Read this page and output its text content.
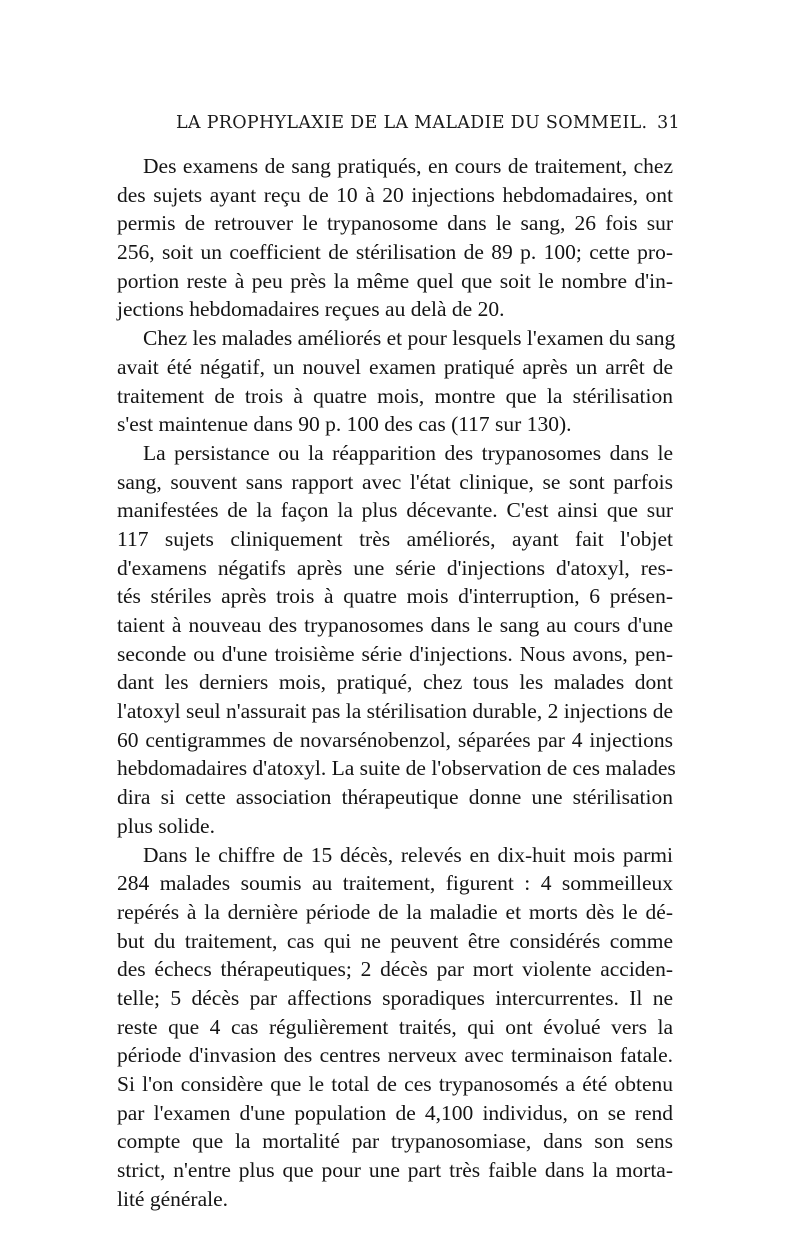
LA PROPHYLAXIE DE LA MALADIE DU SOMMEIL. 31
Des examens de sang pratiqués, en cours de traitement, chez
des sujets ayant reçu de 10 à 20 injections hebdomadaires, ont
permis de retrouver le trypanosome dans le sang, 26 fois sur
256, soit un coefficient de stérilisation de 89 p. 100; cette pro-
portion reste à peu près la même quel que soit le nombre d'in-
jections hebdomadaires reçues au delà de 20.
Chez les malades améliorés et pour lesquels l'examen du sang
avait été négatif, un nouvel examen pratiqué après un arrêt de
traitement de trois à quatre mois, montre que la stérilisation
s'est maintenue dans 90 p. 100 des cas (117 sur 130).
La persistance ou la réapparition des trypanosomes dans le
sang, souvent sans rapport avec l'état clinique, se sont parfois
manifestées de la façon la plus décevante. C'est ainsi que sur
117 sujets cliniquement très améliorés, ayant fait l'objet
d'examens négatifs après une série d'injections d'atoxyl, res-
tés stériles après trois à quatre mois d'interruption, 6 présen-
taient à nouveau des trypanosomes dans le sang au cours d'une
seconde ou d'une troisième série d'injections. Nous avons, pen-
dant les derniers mois, pratiqué, chez tous les malades dont
l'atoxyl seul n'assurait pas la stérilisation durable, 2 injections de
60 centigrammes de novarsénobenzol, séparées par 4 injections
hebdomadaires d'atoxyl. La suite de l'observation de ces malades
dira si cette association thérapeutique donne une stérilisation
plus solide.
Dans le chiffre de 15 décès, relevés en dix-huit mois parmi
284 malades soumis au traitement, figurent : 4 sommeilleux
repérés à la dernière période de la maladie et morts dès le dé-
but du traitement, cas qui ne peuvent être considérés comme
des échecs thérapeutiques; 2 décès par mort violente acciden-
telle; 5 décès par affections sporadiques intercurrentes. Il ne
reste que 4 cas régulièrement traités, qui ont évolué vers la
période d'invasion des centres nerveux avec terminaison fatale.
Si l'on considère que le total de ces trypanosomés a été obtenu
par l'examen d'une population de 4,100 individus, on se rend
compte que la mortalité par trypanosomiase, dans son sens
strict, n'entre plus que pour une part très faible dans la morta-
lité générale.
